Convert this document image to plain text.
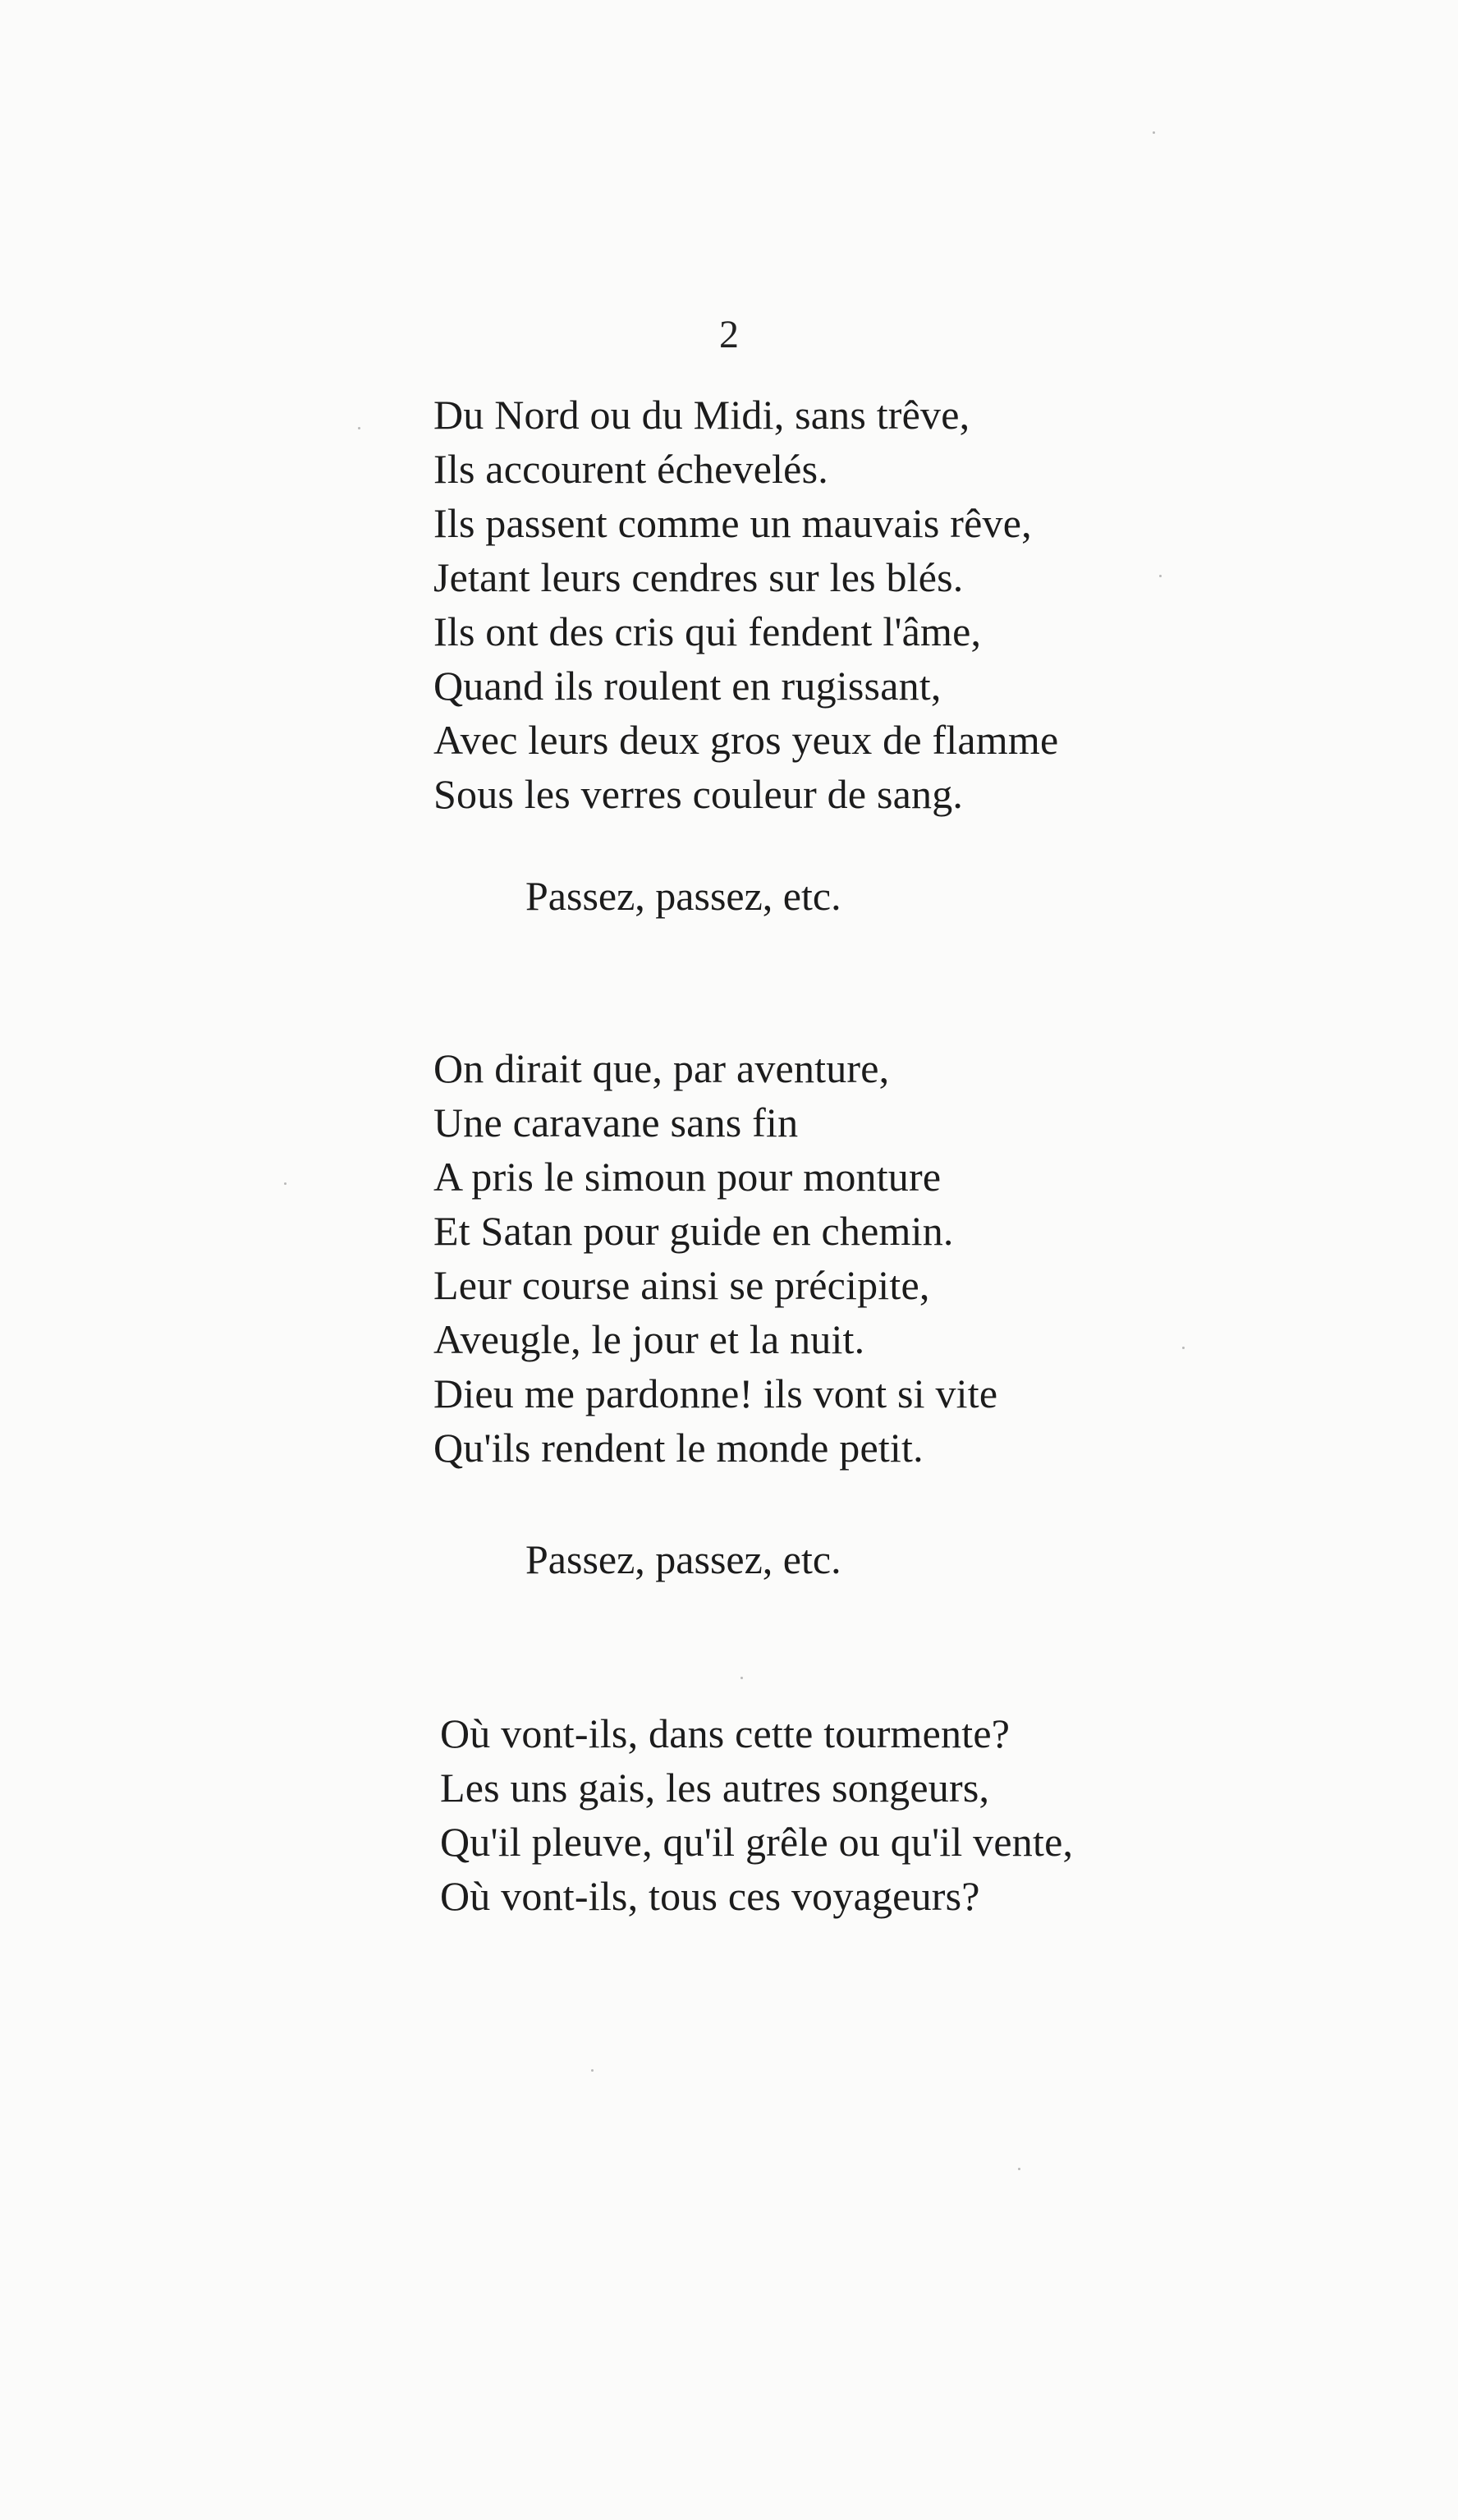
2
Du Nord ou du Midi, sans trêve,
Ils accourent échevelés.
Ils passent comme un mauvais rêve,
Jetant leurs cendres sur les blés.
Ils ont des cris qui fendent l'âme,
Quand ils roulent en rugissant,
Avec leurs deux gros yeux de flamme
Sous les verres couleur de sang.
Passez, passez, etc.
On dirait que, par aventure,
Une caravane sans fin
A pris le simoun pour monture
Et Satan pour guide en chemin.
Leur course ainsi se précipite,
Aveugle, le jour et la nuit.
Dieu me pardonne! ils vont si vite
Qu'ils rendent le monde petit.
Passez, passez, etc.
Où vont-ils, dans cette tourmente?
Les uns gais, les autres songeurs,
Qu'il pleuve, qu'il grêle ou qu'il vente,
Où vont-ils, tous ces voyageurs?
